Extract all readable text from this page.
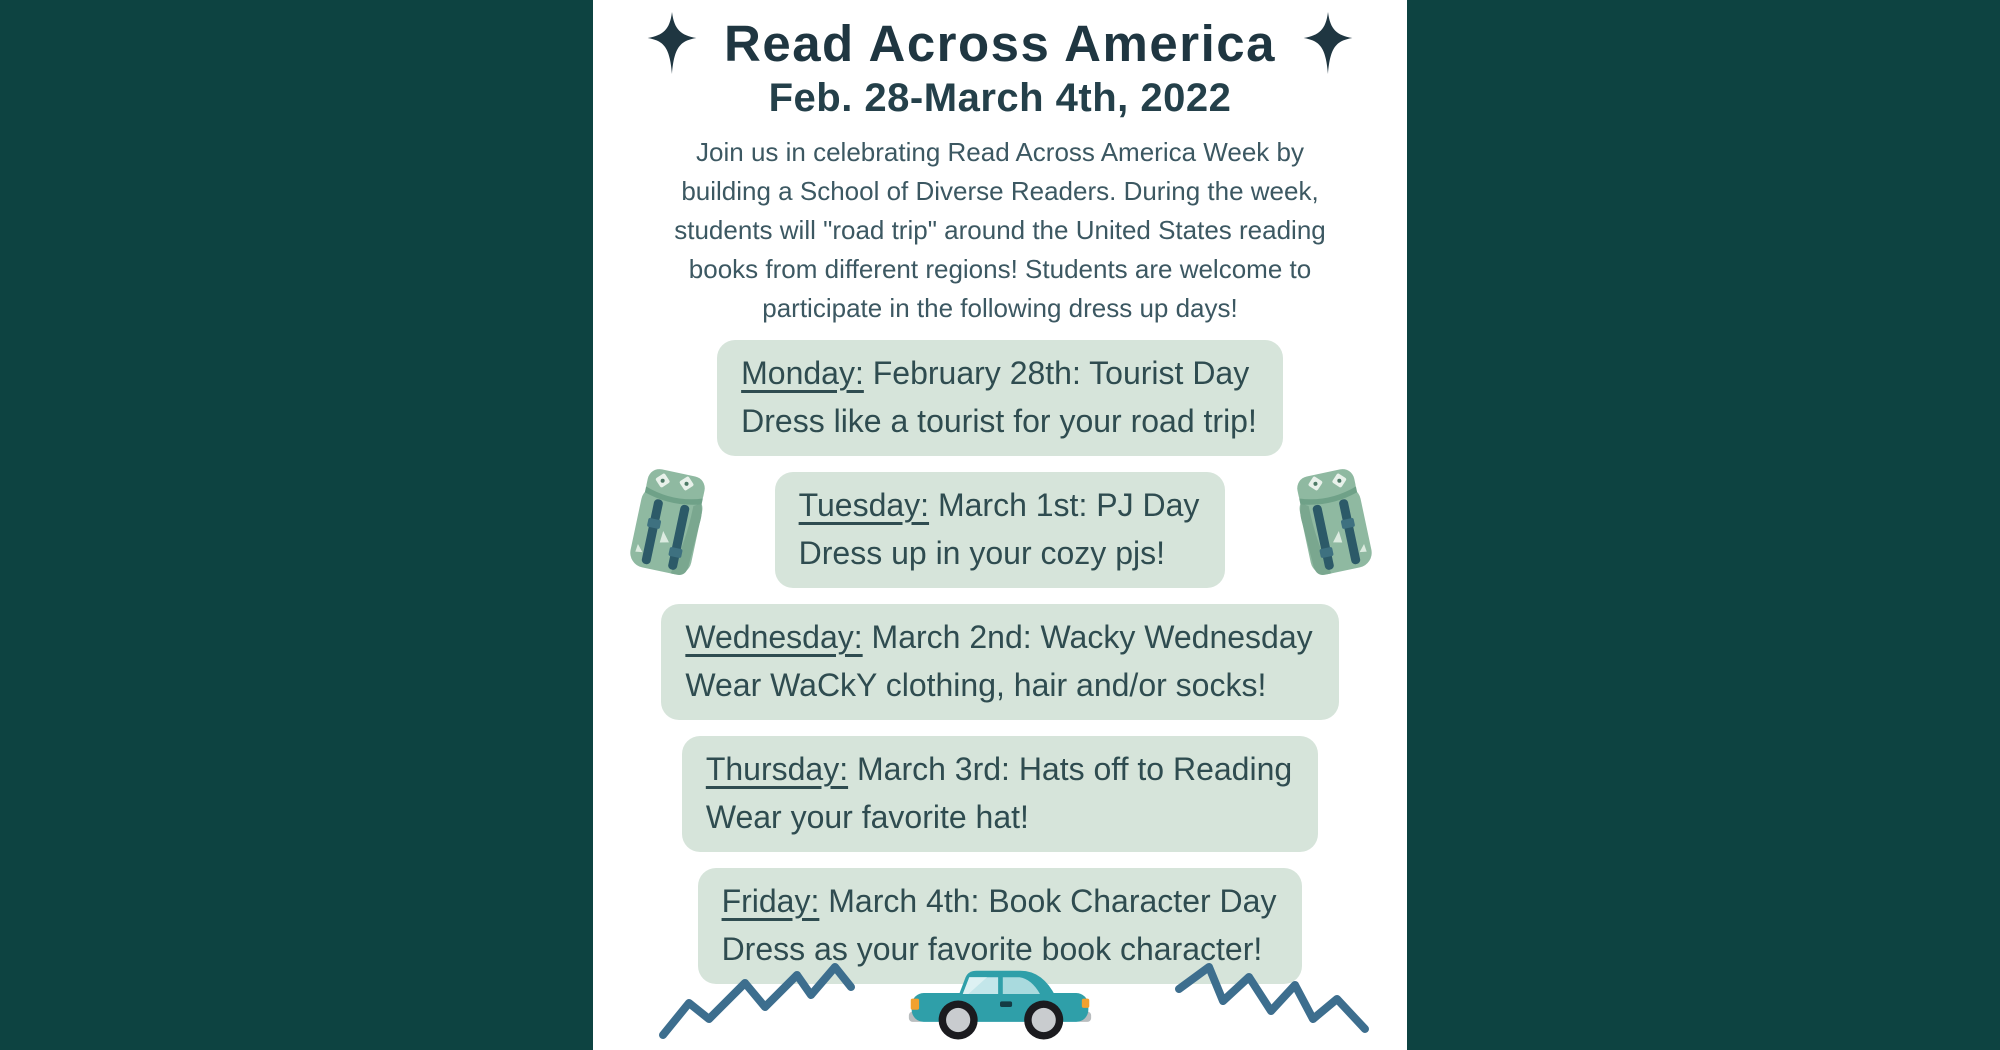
Read Across America
Feb. 28-March 4th, 2022
Join us in celebrating Read Across America Week by
building a School of Diverse Readers. During the week,
students will "road trip" around the United States reading
books from different regions! Students are welcome to
participate in the following dress up days!
Monday: February 28th: Tourist Day
Dress like a tourist for your road trip!
Tuesday: March 1st: PJ Day
Dress up in your cozy pjs!
Wednesday: March 2nd: Wacky Wednesday
Wear WaCkY clothing, hair and/or socks!
Thursday: March 3rd: Hats off to Reading
Wear your favorite hat!
Friday: March 4th: Book Character Day
Dress as your favorite book character!
